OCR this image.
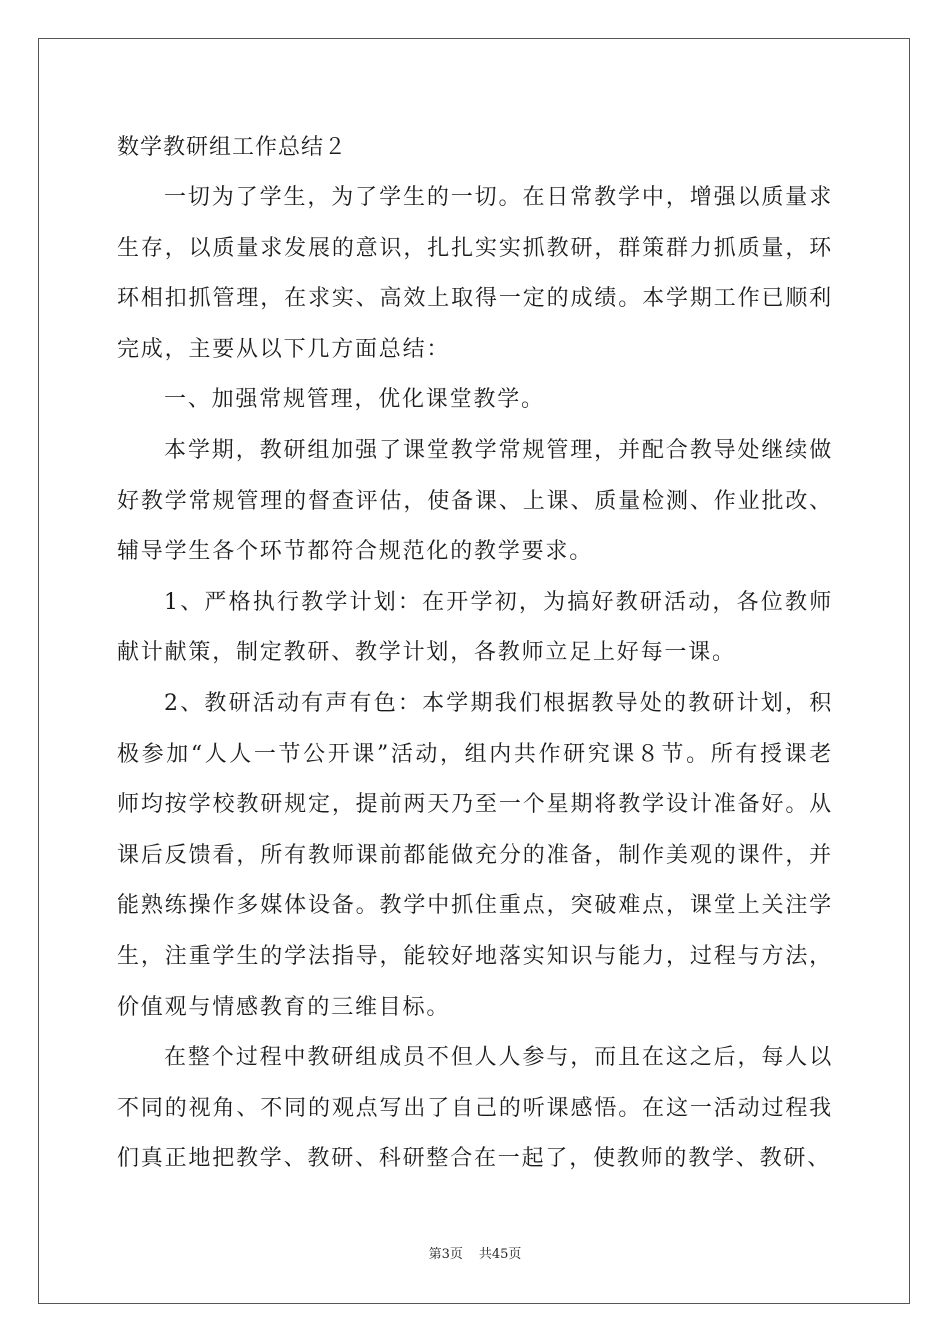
数学教研组工作总结２

一切为了学生，为了学生的一切。在日常教学中，增强以质量求生存，以质量求发展的意识，扎扎实实抓教研，群策群力抓质量，环环相扣抓管理，在求实、高效上取得一定的成绩。本学期工作已顺利完成，主要从以下几方面总结：

一、加强常规管理，优化课堂教学。

本学期，教研组加强了课堂教学常规管理，并配合教导处继续做好教学常规管理的督查评估，使备课、上课、质量检测、作业批改、辅导学生各个环节都符合规范化的教学要求。

1、严格执行教学计划：在开学初，为搞好教研活动，各位教师献计献策，制定教研、教学计划，各教师立足上好每一课。

2、教研活动有声有色：本学期我们根据教导处的教研计划，积极参加“人人一节公开课”活动，组内共作研究课８节。所有授课老师均按学校教研规定，提前两天乃至一个星期将教学设计准备好。从课后反馈看，所有教师课前都能做充分的准备，制作美观的课件，并能熟练操作多媒体设备。教学中抓住重点，突破难点，课堂上关注学生，注重学生的学法指导，能较好地落实知识与能力，过程与方法，价值观与情感教育的三维目标。

在整个过程中教研组成员不但人人参与，而且在这之后，每人以不同的视角、不同的观点写出了自己的听课感悟。在这一活动过程我们真正地把教学、教研、科研整合在一起了，使教师的教学、教研、

第3页 共45页
